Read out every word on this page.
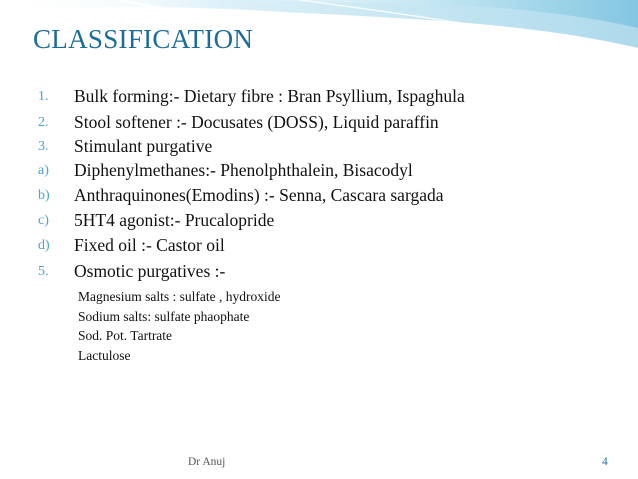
CLASSIFICATION
1. Bulk forming:- Dietary fibre : Bran Psyllium, Ispaghula
2. Stool softener :- Docusates (DOSS), Liquid paraffin
3. Stimulant purgative
a) Diphenylmethanes:- Phenolphthalein, Bisacodyl
b) Anthraquinones(Emodins) :- Senna, Cascara sargada
c) 5HT4 agonist:- Prucalopride
d) Fixed oil :- Castor oil
5. Osmotic purgatives :-
Magnesium salts : sulfate , hydroxide
Sodium salts: sulfate phaophate
Sod. Pot. Tartrate
Lactulose
Dr Anuj	4
